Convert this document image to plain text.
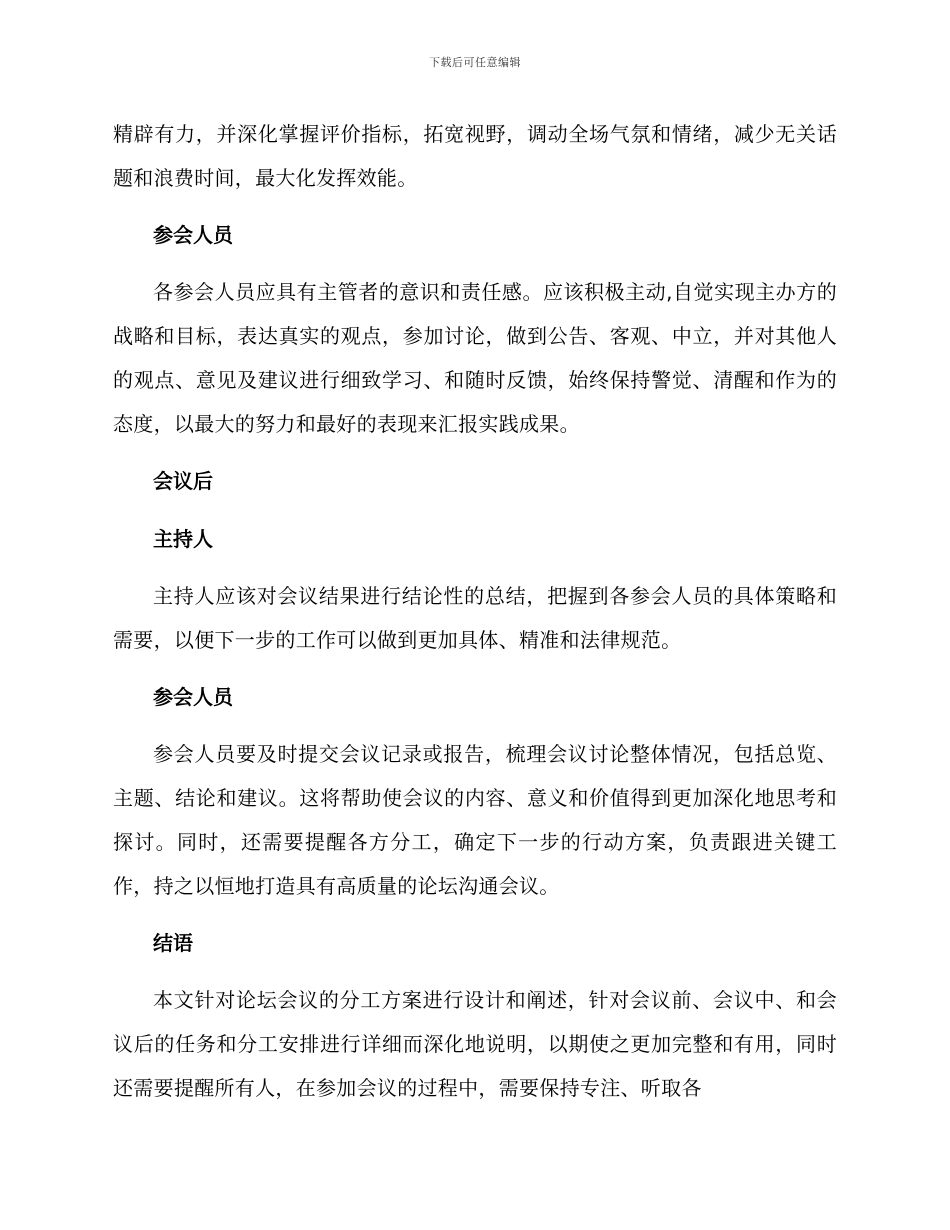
下载后可任意编辑

精辟有力，并深化掌握评价指标，拓宽视野，调动全场气氛和情绪，减少无关话题和浪费时间，最大化发挥效能。

参会人员

各参会人员应具有主管者的意识和责任感。应该积极主动,自觉实现主办方的战略和目标，表达真实的观点，参加讨论，做到公告、客观、中立，并对其他人的观点、意见及建议进行细致学习、和随时反馈，始终保持警觉、清醒和作为的态度，以最大的努力和最好的表现来汇报实践成果。

会议后
主持人

主持人应该对会议结果进行结论性的总结，把握到各参会人员的具体策略和需要，以便下一步的工作可以做到更加具体、精准和法律规范。

参会人员

参会人员要及时提交会议记录或报告，梳理会议讨论整体情况，包括总览、主题、结论和建议。这将帮助使会议的内容、意义和价值得到更加深化地思考和探讨。同时，还需要提醒各方分工，确定下一步的行动方案，负责跟进关键工作，持之以恒地打造具有高质量的论坛沟通会议。

结语

本文针对论坛会议的分工方案进行设计和阐述，针对会议前、会议中、和会议后的任务和分工安排进行详细而深化地说明，以期使之更加完整和有用，同时还需要提醒所有人，在参加会议的过程中，需要保持专注、听取各
